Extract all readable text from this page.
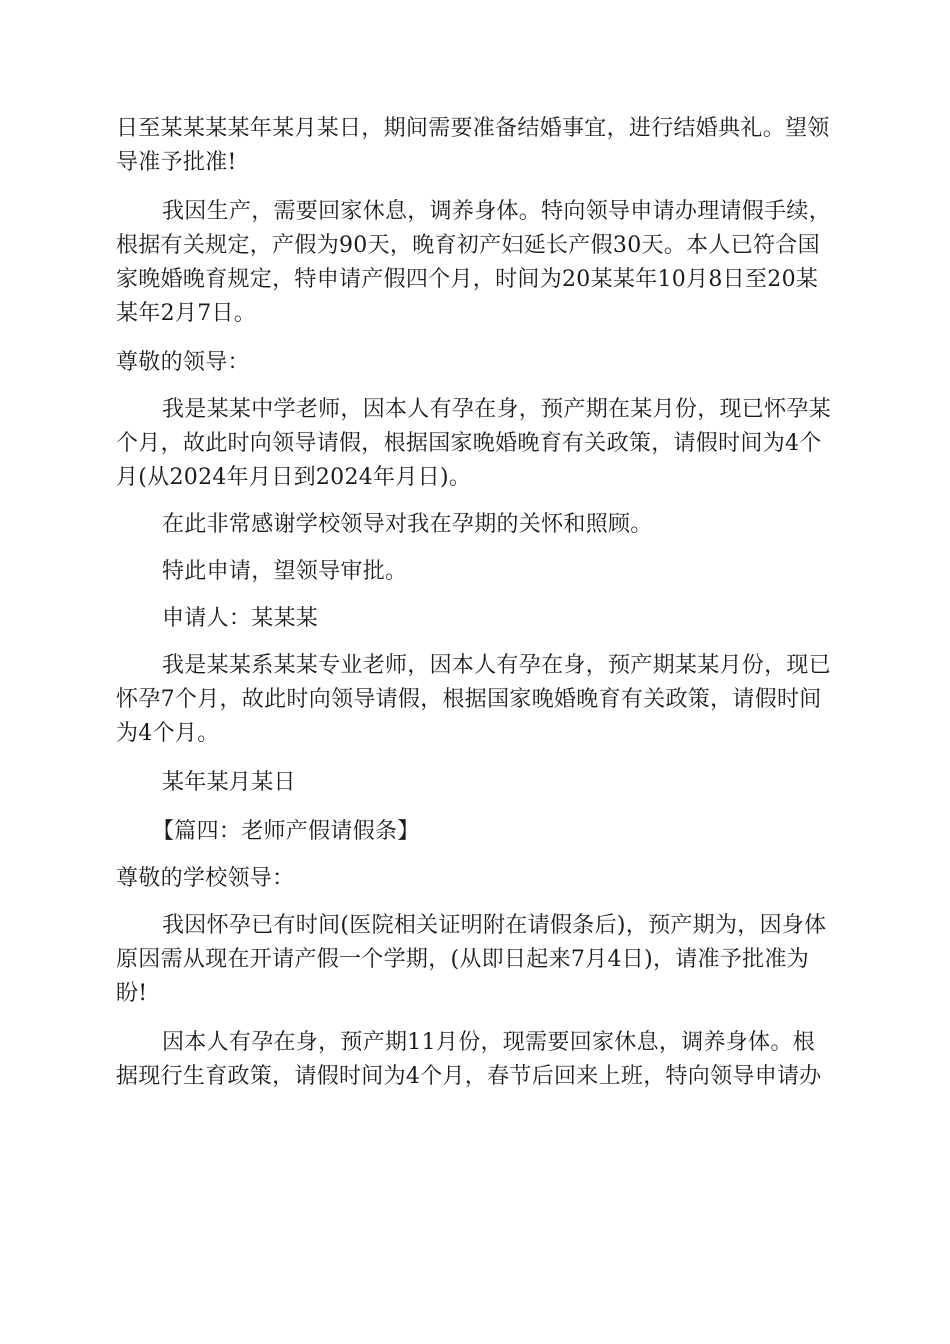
日至某某某某年某月某日，期间需要准备结婚事宜，进行结婚典礼。望领导准予批准!

我因生产，需要回家休息，调养身体。特向领导申请办理请假手续，根据有关规定，产假为90天，晚育初产妇延长产假30天。本人已符合国家晚婚晚育规定，特申请产假四个月，时间为20某某年10月8日至20某某年2月7日。

尊敬的领导：

我是某某中学老师，因本人有孕在身，预产期在某月份，现已怀孕某个月，故此时向领导请假，根据国家晚婚晚育有关政策，请假时间为4个月(从2024年月日到2024年月日)。

在此非常感谢学校领导对我在孕期的关怀和照顾。

特此申请，望领导审批。

申请人：某某某

我是某某系某某专业老师，因本人有孕在身，预产期某某月份，现已怀孕7个月，故此时向领导请假，根据国家晚婚晚育有关政策，请假时间为4个月。

某年某月某日

【篇四：老师产假请假条】

尊敬的学校领导：

我因怀孕已有时间(医院相关证明附在请假条后)，预产期为，因身体原因需从现在开请产假一个学期，(从即日起来7月4日)，请准予批准为盼!

因本人有孕在身，预产期11月份，现需要回家休息，调养身体。根据现行生育政策，请假时间为4个月，春节后回来上班，特向领导申请办
